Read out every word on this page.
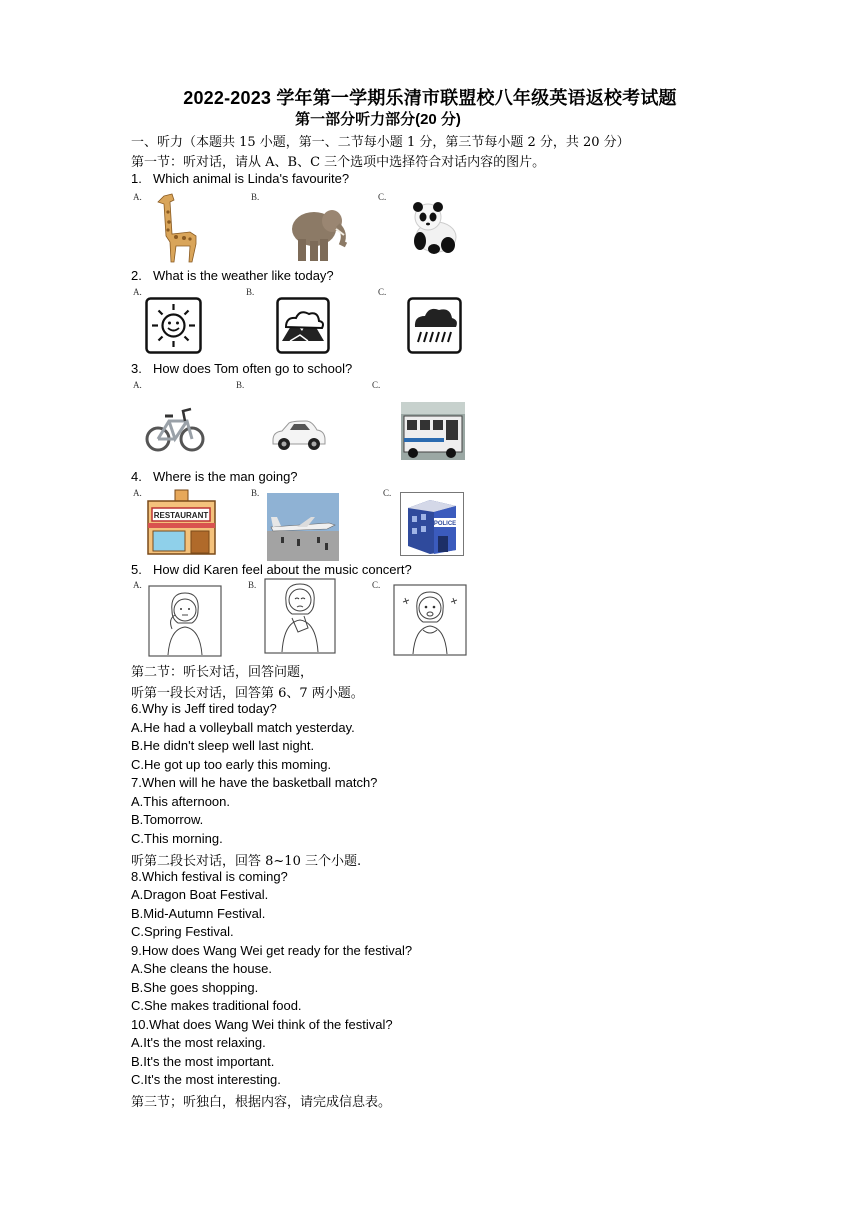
2022-2023 学年第一学期乐清市联盟校八年级英语返校考试题
第一部分听力部分(20 分)
一、听力（本题共 15 小题，第一、二节每小题 1 分，第三节每小题 2 分，共 20 分）
第一节：听对话，请从 A、B、C 三个选项中选择符合对话内容的图片。
1. Which animal is Linda's favourite?
A.	B.	C.
2. What is the weather like today?
A.	B.	C.
3. How does Tom often go to school?
A.	B.	C.
4. Where is the man going?
A.	B.	C.
RESTAURANT
POLICE
5. How did Karen feel about the music concert?
A.	B.	C.
第二节：听长对话，回答问题，
听第一段长对话，回答第 6、7 两小题。
6.Why is Jeff tired today?
A.He had a volleyball match yesterday.
B.He didn't sleep well last night.
C.He got up too early this moming.
7.When will he have the basketball match?
A.This afternoon.
B.Tomorrow.
C.This morning.
听第二段长对话，回答 8~10 三个小题.
8.Which festival is coming?
A.Dragon Boat Festival.
B.Mid-Autumn Festival.
C.Spring Festival.
9.How does Wang Wei get ready for the festival?
A.She cleans the house.
B.She goes shopping.
C.She makes traditional food.
10.What does Wang Wei think of the festival?
A.It's the most relaxing.
B.It's the most important.
C.It's the most interesting.
第三节；听独白，根据内容，请完成信息表。
